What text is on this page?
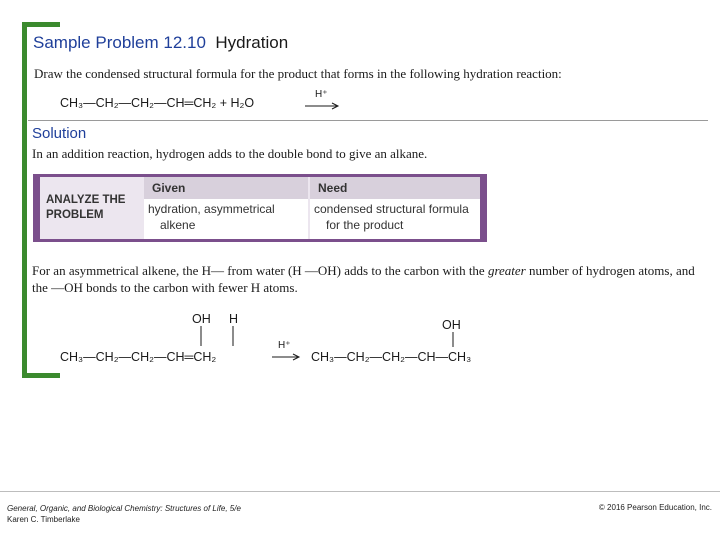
Sample Problem 12.10 Hydration
Draw the condensed structural formula for the product that forms in the following hydration reaction:
CH₃—CH₂—CH₂—CH═CH₂ + H₂O
H⁺
Solution
In an addition reaction, hydrogen adds to the double bond to give an alkane.
ANALYZE THE
PROBLEM
Given	Need
hydration, asymmetrical
alkene
condensed structural formula
for the product
For an asymmetrical alkene, the H— from water (H —OH) adds to the carbon with the greater number of hydrogen atoms, and the —OH bonds to the carbon with fewer H atoms.
OH H
CH₃—CH₂—CH₂—CH═CH₂
H⁺
OH
CH₃—CH₂—CH₂—CH—CH₃
General, Organic, and Biological Chemistry: Structures of Life, 5/e
Karen C. Timberlake
© 2016 Pearson Education, Inc.
